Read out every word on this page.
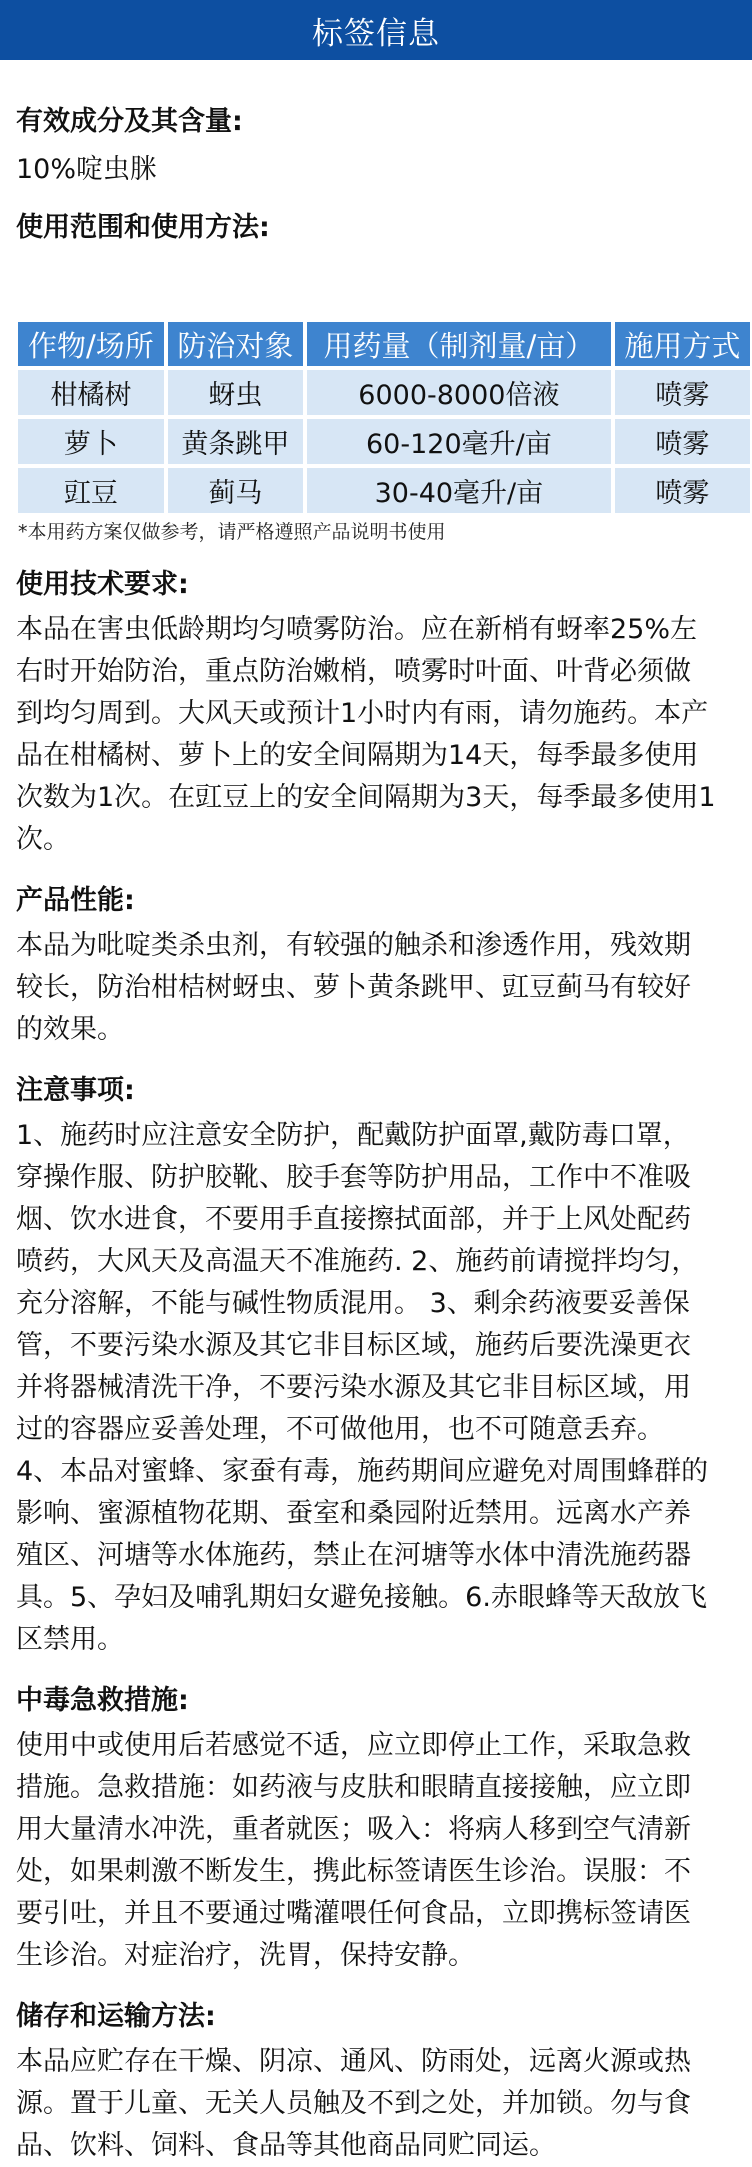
标签信息

有效成分及其含量:

10%啶虫脒

使用范围和使用方法:

作物/场所	防治对象	用药量（制剂量/亩）	施用方式
柑橘树	蚜虫	6000-8000倍液	喷雾
萝卜	黄条跳甲	60-120毫升/亩	喷雾
豇豆	蓟马	30-40毫升/亩	喷雾
*本用药方案仅做参考，请严格遵照产品说明书使用

使用技术要求:

本品在害虫低龄期均匀喷雾防治。应在新梢有蚜率25%左
右时开始防治，重点防治嫩梢，喷雾时叶面、叶背必须做
到均匀周到。大风天或预计1小时内有雨，请勿施药。本产
品在柑橘树、萝卜上的安全间隔期为14天，每季最多使用
次数为1次。在豇豆上的安全间隔期为3天，每季最多使用1
次。

产品性能:

本品为吡啶类杀虫剂，有较强的触杀和渗透作用，残效期
较长，防治柑桔树蚜虫、萝卜黄条跳甲、豇豆蓟马有较好
的效果。

注意事项:

1、施药时应注意安全防护，配戴防护面罩,戴防毒口罩，
穿操作服、防护胶靴、胶手套等防护用品，工作中不准吸
烟、饮水进食，不要用手直接擦拭面部，并于上风处配药
喷药，大风天及高温天不准施药. 2、施药前请搅拌均匀，
充分溶解，不能与碱性物质混用。 3、剩余药液要妥善保
管，不要污染水源及其它非目标区域，施药后要洗澡更衣
并将器械清洗干净，不要污染水源及其它非目标区域，用
过的容器应妥善处理，不可做他用，也不可随意丢弃。
4、本品对蜜蜂、家蚕有毒，施药期间应避免对周围蜂群的
影响、蜜源植物花期、蚕室和桑园附近禁用。远离水产养
殖区、河塘等水体施药，禁止在河塘等水体中清洗施药器
具。5、孕妇及哺乳期妇女避免接触。6.赤眼蜂等天敌放飞
区禁用。

中毒急救措施:

使用中或使用后若感觉不适，应立即停止工作，采取急救
措施。急救措施：如药液与皮肤和眼睛直接接触，应立即
用大量清水冲洗，重者就医；吸入：将病人移到空气清新
处，如果刺激不断发生，携此标签请医生诊治。误服：不
要引吐，并且不要通过嘴灌喂任何食品，立即携标签请医
生诊治。对症治疗，洗胃，保持安静。

储存和运输方法:

本品应贮存在干燥、阴凉、通风、防雨处，远离火源或热
源。置于儿童、无关人员触及不到之处，并加锁。勿与食
品、饮料、饲料、食品等其他商品同贮同运。
